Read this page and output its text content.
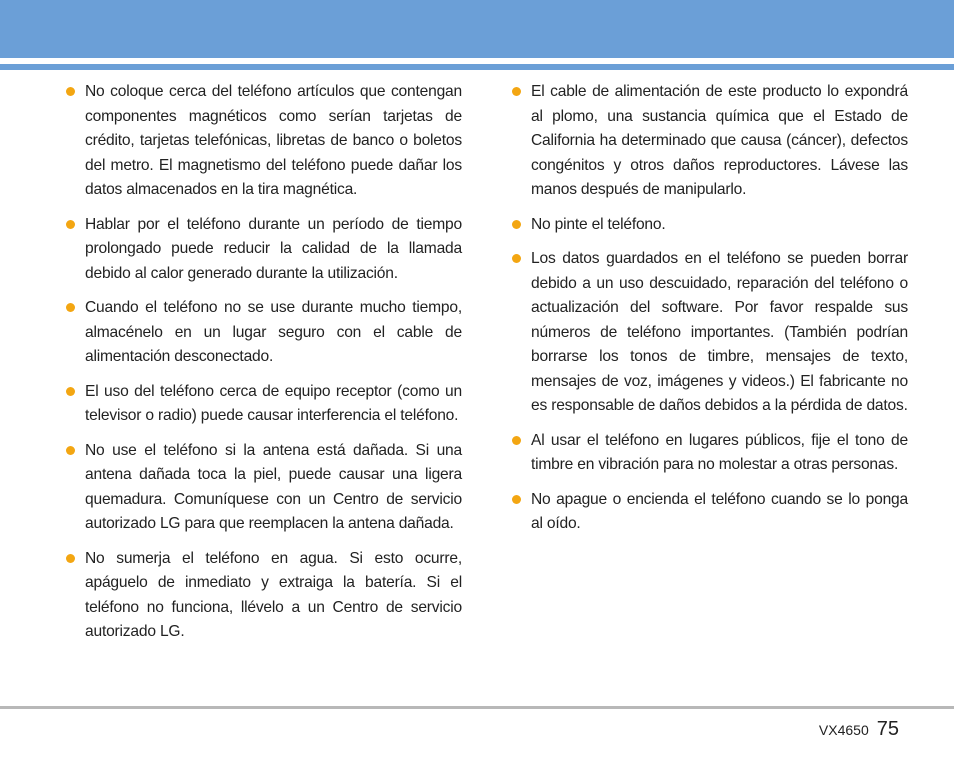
No coloque cerca del teléfono artículos que contengan componentes magnéticos como serían tarjetas de crédito, tarjetas telefónicas, libretas de banco o boletos del metro. El magnetismo del teléfono puede dañar los datos almacenados en la tira magnética.
Hablar por el teléfono durante un período de tiempo prolongado puede reducir la calidad de la llamada debido al calor generado durante la utilización.
Cuando el teléfono no se use durante mucho tiempo, almacénelo en un lugar seguro con el cable de alimentación desconectado.
El uso del teléfono cerca de equipo receptor (como un televisor o radio) puede causar interferencia el teléfono.
No use el teléfono si la antena está dañada. Si una antena dañada toca la piel, puede causar una ligera quemadura. Comuníquese con un Centro de servicio autorizado LG para que reemplacen la antena dañada.
No sumerja el teléfono en agua. Si esto ocurre, apáguelo de inmediato y extraiga la batería. Si el teléfono no funciona, llévelo a un Centro de servicio autorizado LG.
El cable de alimentación de este producto lo expondrá al plomo, una sustancia química que el Estado de California ha determinado que causa (cáncer), defectos congénitos y otros daños reproductores. Lávese las manos después de manipularlo.
No pinte el teléfono.
Los datos guardados en el teléfono se pueden borrar debido a un uso descuidado, reparación del teléfono o actualización del software. Por favor respalde sus números de teléfono importantes. (También podrían borrarse los tonos de timbre, mensajes de texto, mensajes de voz, imágenes y videos.) El fabricante no es responsable de daños debidos a la pérdida de datos.
Al usar el teléfono en lugares públicos, fije el tono de timbre en vibración para no molestar a otras personas.
No apague o encienda el teléfono cuando se lo ponga al oído.
VX4650 75
